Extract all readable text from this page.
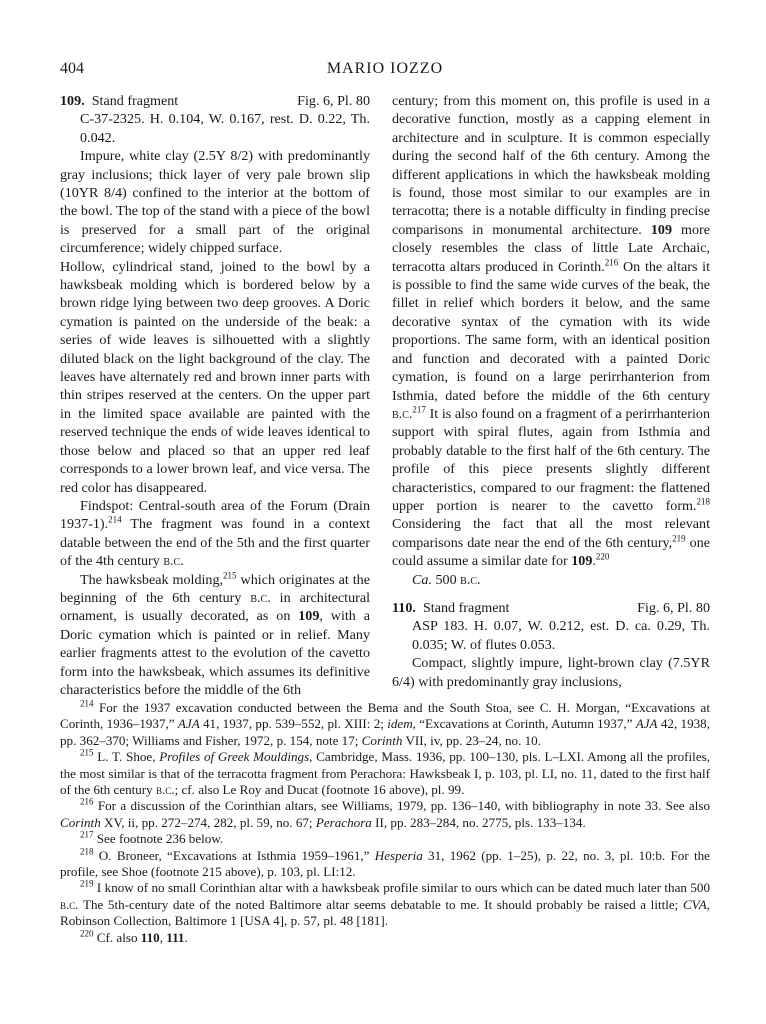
404	MARIO IOZZO
109. Stand fragment	Fig. 6, Pl. 80

C-37-2325. H. 0.104, W. 0.167, rest. D. 0.22, Th. 0.042.

Impure, white clay (2.5Y 8/2) with predominantly gray inclusions; thick layer of very pale brown slip (10YR 8/4) confined to the interior at the bottom of the bowl. The top of the stand with a piece of the bowl is preserved for a small part of the original circumference; widely chipped surface.

Hollow, cylindrical stand, joined to the bowl by a hawksbeak molding which is bordered below by a brown ridge lying between two deep grooves. A Doric cymation is painted on the underside of the beak: a series of wide leaves is silhouetted with a slightly diluted black on the light background of the clay. The leaves have alternately red and brown inner parts with thin stripes reserved at the centers. On the upper part in the limited space available are painted with the reserved technique the ends of wide leaves identical to those below and placed so that an upper red leaf corresponds to a lower brown leaf, and vice versa. The red color has disappeared.

Findspot: Central-south area of the Forum (Drain 1937-1).$^{214}$ The fragment was found in a context datable between the end of the 5th and the first quarter of the 4th century b.c.

The hawksbeak molding,$^{215}$ which originates at the beginning of the 6th century b.c. in architectural ornament, is usually decorated, as on 109, with a Doric cymation which is painted or in relief. Many earlier fragments attest to the evolution of the cavetto form into the hawksbeak, which assumes its definitive characteristics before the middle of the 6th

century; from this moment on, this profile is used in a decorative function, mostly as a capping element in architecture and in sculpture. It is common especially during the second half of the 6th century. Among the different applications in which the hawksbeak molding is found, those most similar to our examples are in terracotta; there is a notable difficulty in finding precise comparisons in monumental architecture. 109 more closely resembles the class of little Late Archaic, terracotta altars produced in Corinth.$^{216}$ On the altars it is possible to find the same wide curves of the beak, the fillet in relief which borders it below, and the same decorative syntax of the cymation with its wide proportions. The same form, with an identical position and function and decorated with a painted Doric cymation, is found on a large perirrhanterion from Isthmia, dated before the middle of the 6th century b.c.$^{217}$ It is also found on a fragment of a perirrhanterion support with spiral flutes, again from Isthmia and probably datable to the first half of the 6th century. The profile of this piece presents slightly different characteristics, compared to our fragment: the flattened upper portion is nearer to the cavetto form.$^{218}$ Considering the fact that all the most relevant comparisons date near the end of the 6th century,$^{219}$ one could assume a similar date for 109.$^{220}$

Ca. 500 b.c.

110. Stand fragment	Fig. 6, Pl. 80

ASP 183. H. 0.07, W. 0.212, est. D. ca. 0.29, Th. 0.035; W. of flutes 0.053.

Compact, slightly impure, light-brown clay (7.5YR 6/4) with predominantly gray inclusions,

$^{214}$ For the 1937 excavation conducted between the Bema and the South Stoa, see C. H. Morgan, “Excavations at Corinth, 1936–1937,” AJA 41, 1937, pp. 539–552, pl. XIII: 2; idem, “Excavations at Corinth, Autumn 1937,” AJA 42, 1938, pp. 362–370; Williams and Fisher, 1972, p. 154, note 17; Corinth VII, iv, pp. 23–24, no. 10.

$^{215}$ L. T. Shoe, Profiles of Greek Mouldings, Cambridge, Mass. 1936, pp. 100–130, pls. L–LXI. Among all the profiles, the most similar is that of the terracotta fragment from Perachora: Hawksbeak I, p. 103, pl. LI, no. 11, dated to the first half of the 6th century b.c.; cf. also Le Roy and Ducat (footnote 16 above), pl. 99.

$^{216}$ For a discussion of the Corinthian altars, see Williams, 1979, pp. 136–140, with bibliography in note 33. See also Corinth XV, ii, pp. 272–274, 282, pl. 59, no. 67; Perachora II, pp. 283–284, no. 2775, pls. 133–134.

$^{217}$ See footnote 236 below.

$^{218}$ O. Broneer, “Excavations at Isthmia 1959–1961,” Hesperia 31, 1962 (pp. 1–25), p. 22, no. 3, pl. 10:b. For the profile, see Shoe (footnote 215 above), p. 103, pl. LI:12.

$^{219}$ I know of no small Corinthian altar with a hawksbeak profile similar to ours which can be dated much later than 500 b.c. The 5th-century date of the noted Baltimore altar seems debatable to me. It should probably be raised a little; CVA, Robinson Collection, Baltimore 1 [USA 4], p. 57, pl. 48 [181].

$^{220}$ Cf. also 110, 111.
